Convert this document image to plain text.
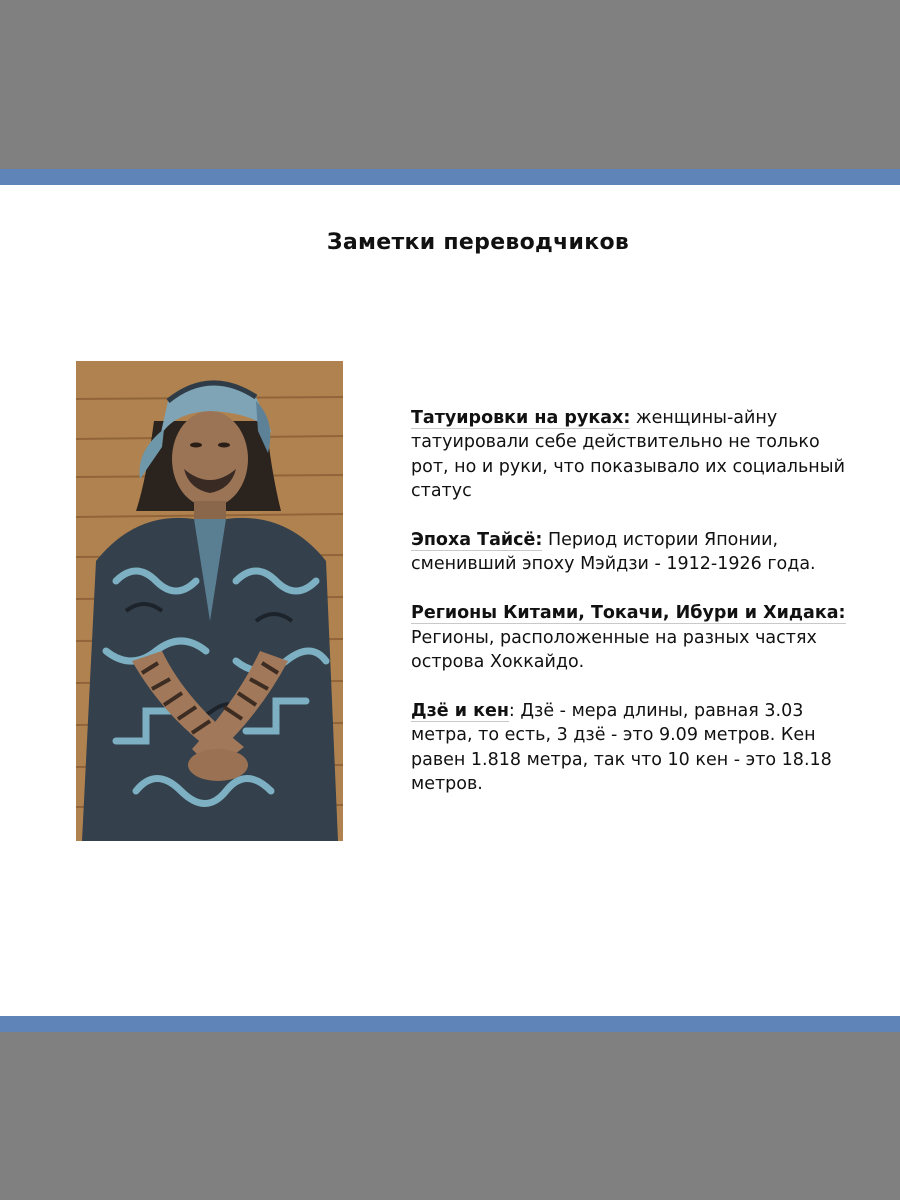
Заметки переводчиков

Татуировки на руках: женщины-айну татуировали себе действительно не только рот, но и руки, что показывало их социальный статус

Эпоха Тайсё: Период истории Японии, сменивший эпоху Мэйдзи - 1912-1926 года.

Регионы Китами, Токачи, Ибури и Хидака: Регионы, расположенные на разных частях острова Хоккайдо.

Дзё и кен: Дзё - мера длины, равная 3.03 метра, то есть, 3 дзё - это 9.09 метров. Кен равен 1.818 метра, так что 10 кен - это 18.18 метров.
